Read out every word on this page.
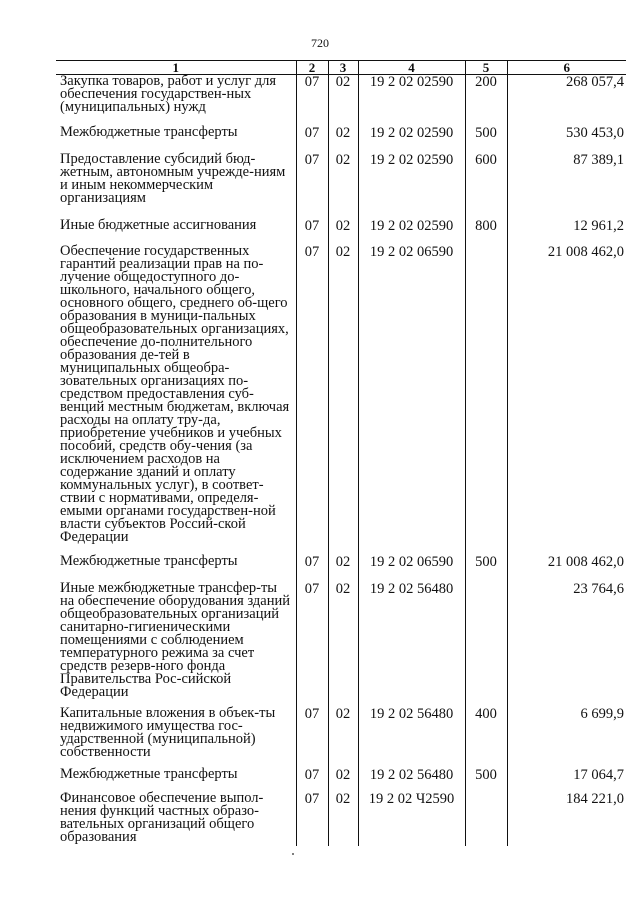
720
1	2	3	4	5	6
Закупка товаров, работ и услуг для обеспечения государствен-ных (муниципальных) нужд	07	02	19 2 02 02590	200	268 057,4
Межбюджетные трансферты	07	02	19 2 02 02590	500	530 453,0
Предоставление субсидий бюд-жетным, автономным учрежде-ниям и иным некоммерческим организациям	07	02	19 2 02 02590	600	87 389,1
Иные бюджетные ассигнования	07	02	19 2 02 02590	800	12 961,2
Обеспечение государственных гарантий реализации прав на по-лучение общедоступного до-школьного, начального общего, основного общего, среднего об-щего образования в муници-пальных общеобразовательных организациях, обеспечение до-полнительного образования де-тей в муниципальных общеобра-зовательных организациях по-средством предоставления суб-венций местным бюджетам, включая расходы на оплату тру-да, приобретение учебников и учебных пособий, средств обу-чения (за исключением расходов на содержание зданий и оплату коммунальных услуг), в соответ-ствии с нормативами, определя-емыми органами государствен-ной власти субъектов Россий-ской Федерации	07	02	19 2 02 06590		21 008 462,0
Межбюджетные трансферты	07	02	19 2 02 06590	500	21 008 462,0
Иные межбюджетные трансфер-ты на обеспечение оборудования зданий общеобразовательных организаций санитарно-гигиеническими помещениями с соблюдением температурного режима за счет средств резерв-ного фонда Правительства Рос-сийской Федерации	07	02	19 2 02 56480		23 764,6
Капитальные вложения в объек-ты недвижимого имущества гос-ударственной (муниципальной) собственности	07	02	19 2 02 56480	400	6 699,9
Межбюджетные трансферты	07	02	19 2 02 56480	500	17 064,7
Финансовое обеспечение выпол-нения функций частных образо-вательных организаций общего образования	07	02	19 2 02 Ч2590		184 221,0
